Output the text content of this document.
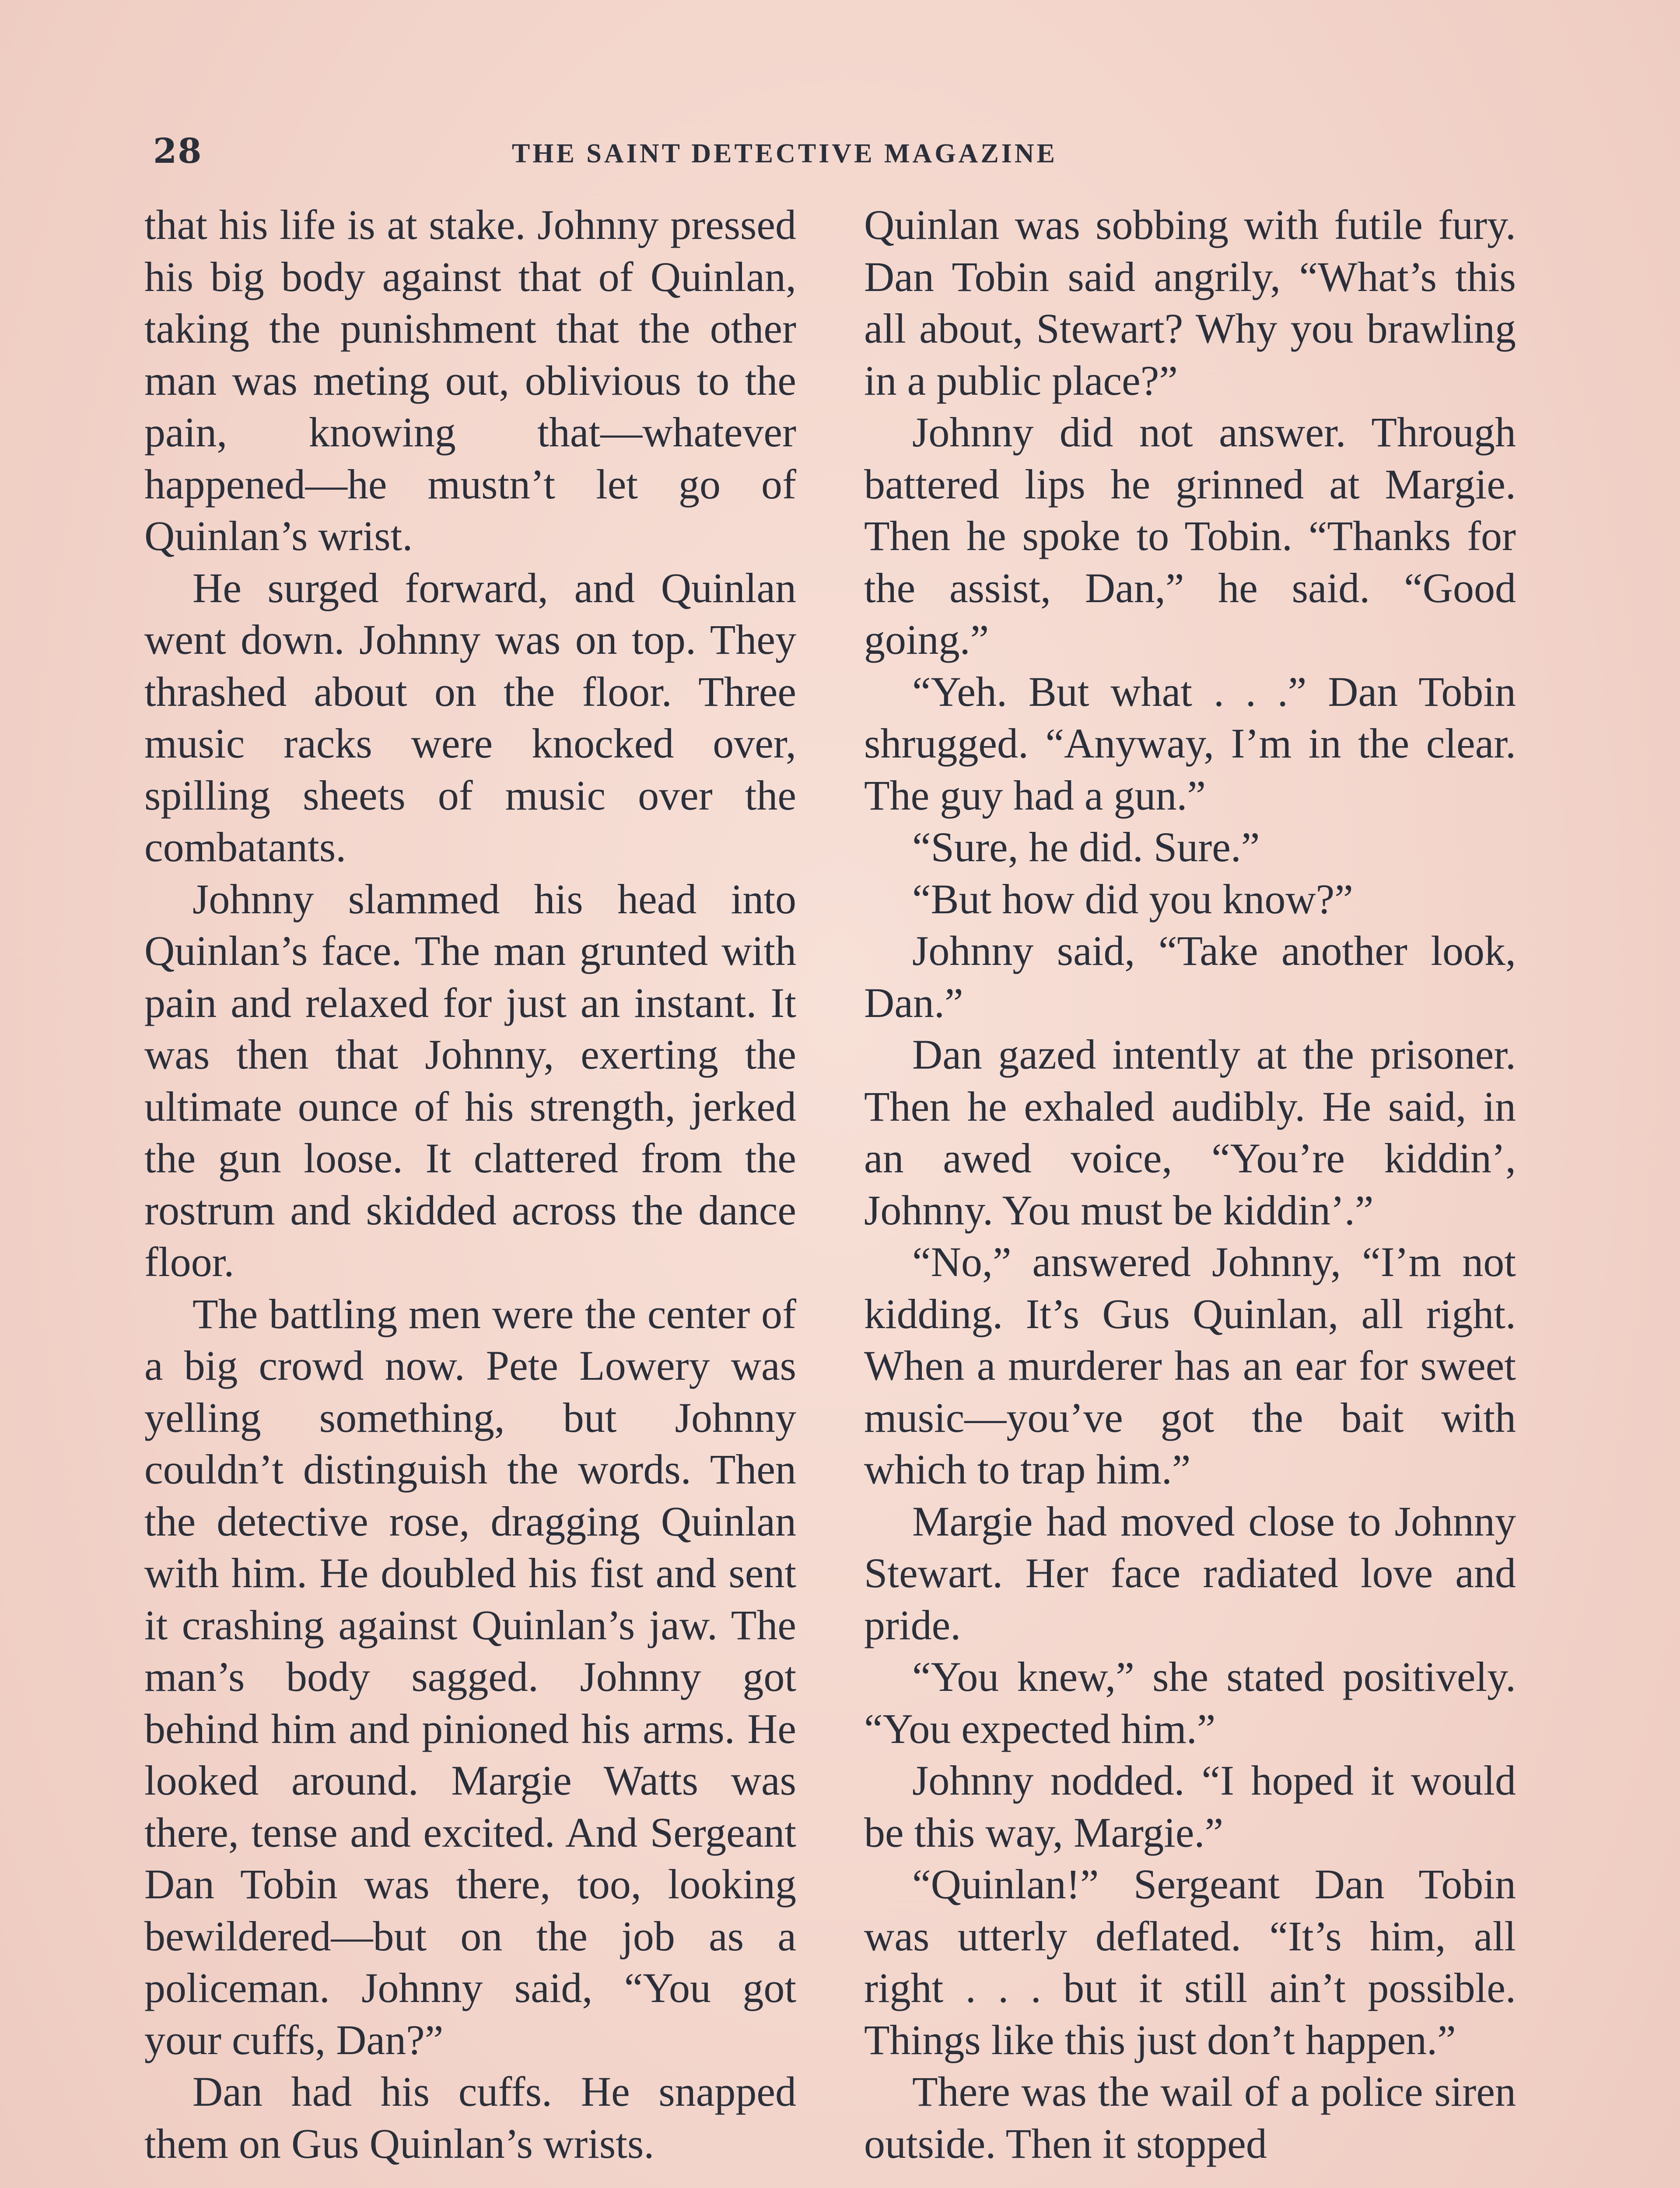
28	THE SAINT DETECTIVE MAGAZINE

that his life is at stake. Johnny pressed his big body against that of Quinlan, taking the punishment that the other man was meting out, oblivious to the pain, knowing that—whatever happened—he mustn’t let go of Quinlan’s wrist.

He surged forward, and Quinlan went down. Johnny was on top. They thrashed about on the floor. Three music racks were knocked over, spilling sheets of music over the combatants.

Johnny slammed his head into Quinlan’s face. The man grunted with pain and relaxed for just an instant. It was then that Johnny, exerting the ultimate ounce of his strength, jerked the gun loose. It clattered from the rostrum and skidded across the dance floor.

The battling men were the center of a big crowd now. Pete Lowery was yelling something, but Johnny couldn’t distinguish the words. Then the detective rose, dragging Quinlan with him. He doubled his fist and sent it crashing against Quinlan’s jaw. The man’s body sagged. Johnny got behind him and pinioned his arms. He looked around. Margie Watts was there, tense and excited. And Sergeant Dan Tobin was there, too, looking bewildered—but on the job as a policeman. Johnny said, “You got your cuffs, Dan?”

Dan had his cuffs. He snapped them on Gus Quinlan’s wrists.

Quinlan was sobbing with futile fury. Dan Tobin said angrily, “What’s this all about, Stewart? Why you brawling in a public place?”

Johnny did not answer. Through battered lips he grinned at Margie. Then he spoke to Tobin. “Thanks for the assist, Dan,” he said. “Good going.”

“Yeh. But what . . .” Dan Tobin shrugged. “Anyway, I’m in the clear. The guy had a gun.”

“Sure, he did. Sure.”

“But how did you know?”

Johnny said, “Take another look, Dan.”

Dan gazed intently at the prisoner. Then he exhaled audibly. He said, in an awed voice, “You’re kiddin’, Johnny. You must be kiddin’.”

“No,” answered Johnny, “I’m not kidding. It’s Gus Quinlan, all right. When a murderer has an ear for sweet music—you’ve got the bait with which to trap him.”

Margie had moved close to Johnny Stewart. Her face radiated love and pride.

“You knew,” she stated positively. “You expected him.”

Johnny nodded. “I hoped it would be this way, Margie.”

“Quinlan!” Sergeant Dan Tobin was utterly deflated. “It’s him, all right . . . but it still ain’t possible. Things like this just don’t happen.”

There was the wail of a police siren outside. Then it stopped
